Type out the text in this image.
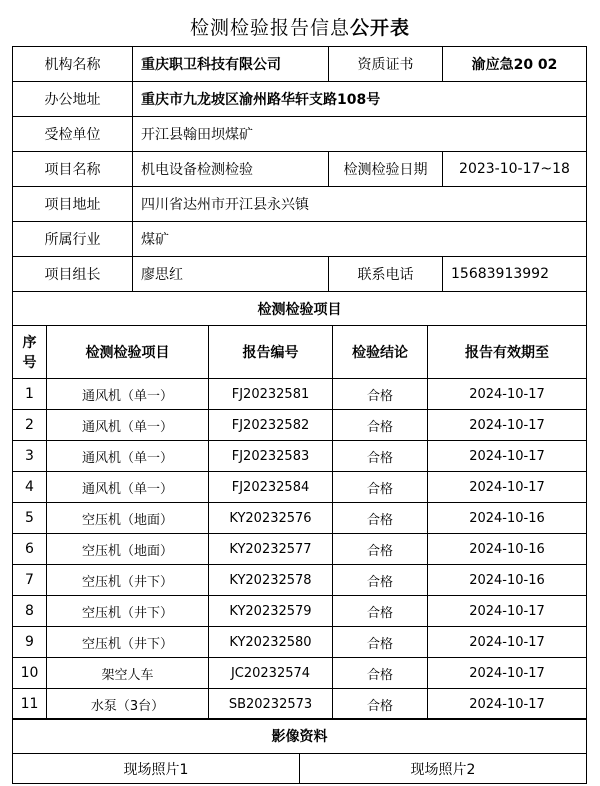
检测检验报告信息公开表
机构名称	重庆职卫科技有限公司	资质证书	渝应急20 02
办公地址	重庆市九龙坡区渝州路华轩支路108号		
受检单位	开江县翰田坝煤矿		
项目名称	机电设备检测检验	检测检验日期	2023-10-17~18
项目地址	四川省达州市开江县永兴镇		
所属行业	煤矿		
项目组长	廖思红	联系电话	15683913992
检测检验项目				

序
号	检测检验项目	报告编号	检验结论	报告有效期至
1	通风机（单一）	FJ20232581	合格	2024-10-17
2	通风机（单一）	FJ20232582	合格	2024-10-17
3	通风机（单一）	FJ20232583	合格	2024-10-17
4	通风机（单一）	FJ20232584	合格	2024-10-17
5	空压机（地面）	KY20232576	合格	2024-10-16
6	空压机（地面）	KY20232577	合格	2024-10-16
7	空压机（井下）	KY20232578	合格	2024-10-16
8	空压机（井下）	KY20232579	合格	2024-10-17
9	空压机（井下）	KY20232580	合格	2024-10-17
10	架空人车	JC20232574	合格	2024-10-17
11	水泵（3台）	SB20232573	合格	2024-10-17
影像资料
现场照片1	现场照片2
